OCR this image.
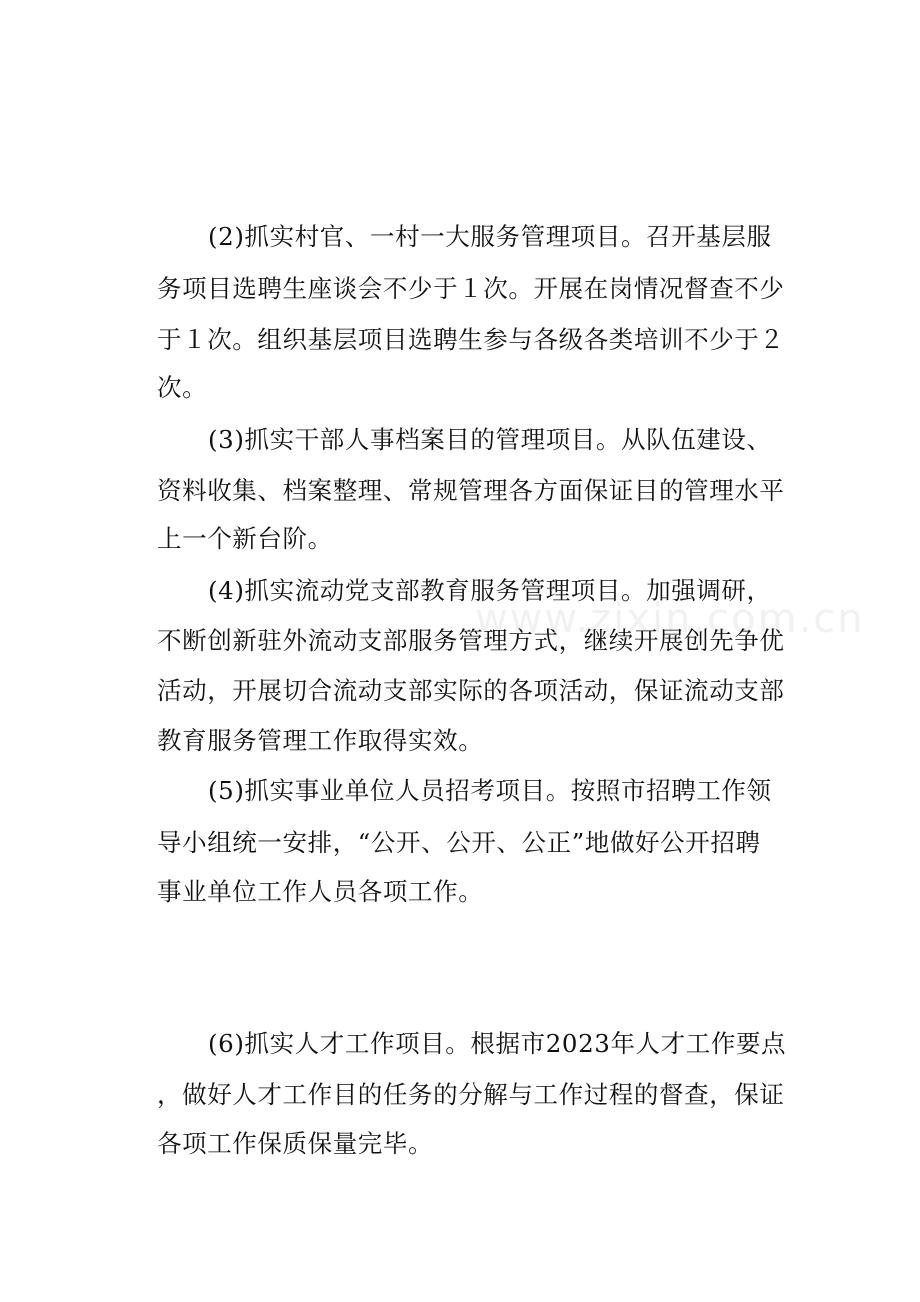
www.zixin.com.cn
(2)抓实村官、一村一大服务管理项目。召开基层服
务项目选聘生座谈会不少于１次。开展在岗情况督查不少
于１次。组织基层项目选聘生参与各级各类培训不少于２
次。
(3)抓实干部人事档案目的管理项目。从队伍建设、
资料收集、档案整理、常规管理各方面保证目的管理水平
上一个新台阶。
(4)抓实流动党支部教育服务管理项目。加强调研，
不断创新驻外流动支部服务管理方式，继续开展创先争优
活动，开展切合流动支部实际的各项活动，保证流动支部
教育服务管理工作取得实效。
(5)抓实事业单位人员招考项目。按照市招聘工作领
导小组统一安排，“公开、公开、公正”地做好公开招聘
事业单位工作人员各项工作。
(6)抓实人才工作项目。根据市2023年人才工作要点
，做好人才工作目的任务的分解与工作过程的督查，保证
各项工作保质保量完毕。
